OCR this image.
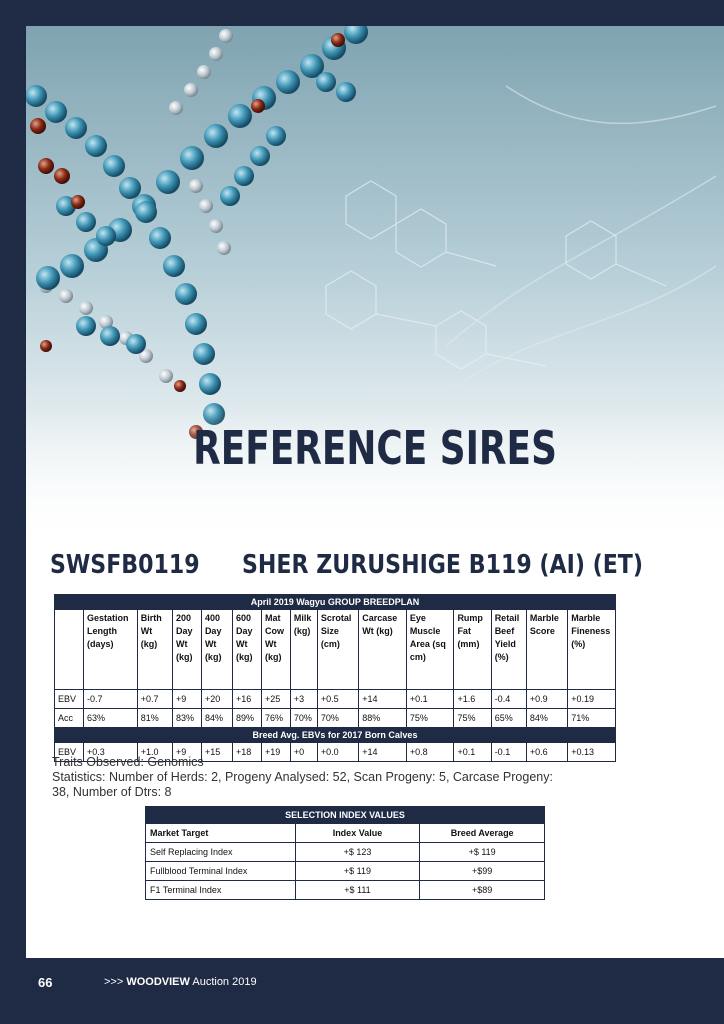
REFERENCE SIRES
SWSFB0119 SHER ZURUSHIGE B119 (AI) (ET)
April 2019 Wagyu GROUP BREEDPLAN														
	Gestation Length (days)	Birth Wt (kg)	200 Day Wt (kg)	400 Day Wt (kg)	600 Day Wt (kg)	Mat Cow Wt (kg)	Milk (kg)	Scrotal Size (cm)	Carcase Wt (kg)	Eye Muscle Area (sq cm)	Rump Fat (mm)	Retail Beef Yield (%)	Marble Score	Marble Fineness (%)
EBV	-0.7	+0.7	+9	+20	+16	+25	+3	+0.5	+14	+0.1	+1.6	-0.4	+0.9	+0.19
Acc	63%	81%	83%	84%	89%	76%	70%	70%	88%	75%	75%	65%	84%	71%
Breed Avg. EBVs for 2017 Born Calves														
EBV	+0.3	+1.0	+9	+15	+18	+19	+0	+0.0	+14	+0.8	+0.1	-0.1	+0.6	+0.13
Traits Observed: Genomics
Statistics: Number of Herds: 2, Progeny Analysed: 52, Scan Progeny: 5, Carcase Progeny: 38, Number of Dtrs: 8
SELECTION INDEX VALUES		
Market Target	Index Value	Breed Average
Self Replacing Index	+$ 123	+$ 119
Fullblood Terminal Index	+$ 119	+$99
F1 Terminal Index	+$ 111	+$89
66	>>> WOODVIEW Auction 2019
